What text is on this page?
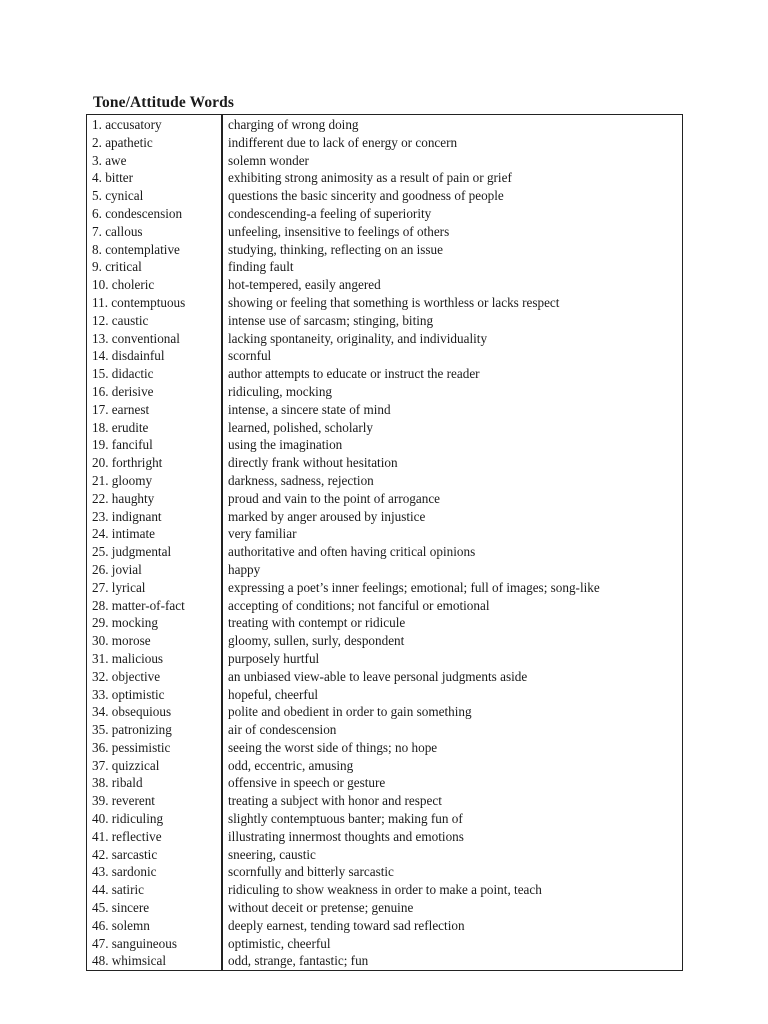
Tone/Attitude Words
1. accusatory	charging of wrong doing
2. apathetic	indifferent due to lack of energy or concern
3. awe	solemn wonder
4. bitter	exhibiting strong animosity as a result of pain or grief
5. cynical	questions the basic sincerity and goodness of people
6. condescension	condescending-a feeling of superiority
7. callous	unfeeling, insensitive to feelings of others
8. contemplative	studying, thinking, reflecting on an issue
9. critical	finding fault
10. choleric	hot-tempered, easily angered
11. contemptuous	showing or feeling that something is worthless or lacks respect
12. caustic	intense use of sarcasm; stinging, biting
13. conventional	lacking spontaneity, originality, and individuality
14. disdainful	scornful
15. didactic	author attempts to educate or instruct the reader
16. derisive	ridiculing, mocking
17. earnest	intense, a sincere state of mind
18. erudite	learned, polished, scholarly
19. fanciful	using the imagination
20. forthright	directly frank without hesitation
21. gloomy	darkness, sadness, rejection
22. haughty	proud and vain to the point of arrogance
23. indignant	marked by anger aroused by injustice
24. intimate	very familiar
25. judgmental	authoritative and often having critical opinions
26. jovial	happy
27. lyrical	expressing a poet’s inner feelings; emotional; full of images; song-like
28. matter-of-fact	accepting of conditions; not fanciful or emotional
29. mocking	treating with contempt or ridicule
30. morose	gloomy, sullen, surly, despondent
31. malicious	purposely hurtful
32. objective	an unbiased view-able to leave personal judgments aside
33. optimistic	hopeful, cheerful
34. obsequious	polite and obedient in order to gain something
35. patronizing	air of condescension
36. pessimistic	seeing the worst side of things; no hope
37. quizzical	odd, eccentric, amusing
38. ribald	offensive in speech or gesture
39. reverent	treating a subject with honor and respect
40. ridiculing	slightly contemptuous banter; making fun of
41. reflective	illustrating innermost thoughts and emotions
42. sarcastic	sneering, caustic
43. sardonic	scornfully and bitterly sarcastic
44. satiric	ridiculing to show weakness in order to make a point, teach
45. sincere	without deceit or pretense; genuine
46. solemn	deeply earnest, tending toward sad reflection
47. sanguineous	optimistic, cheerful
48. whimsical	odd, strange, fantastic; fun
